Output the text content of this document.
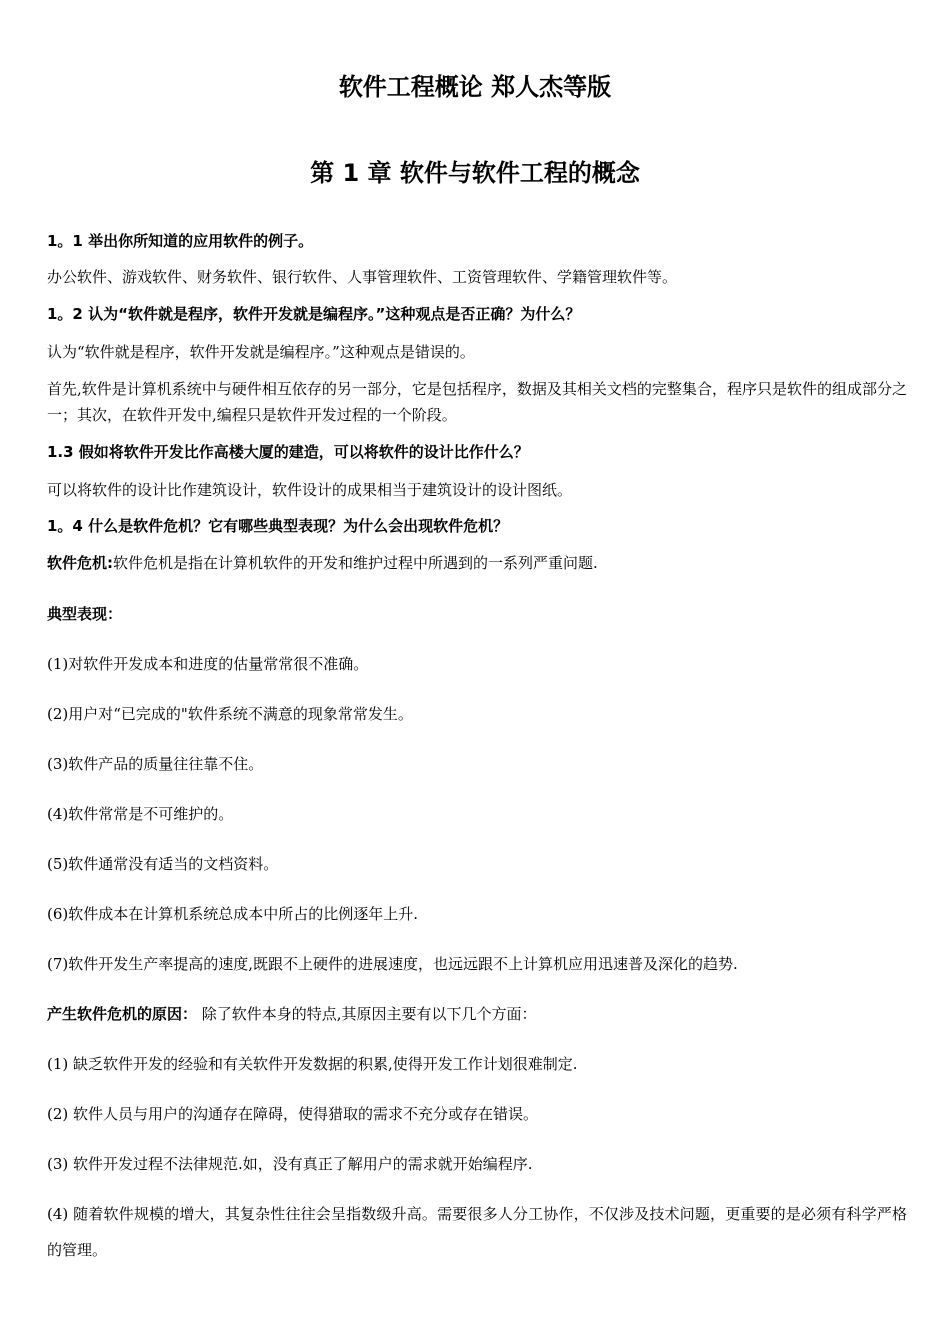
软件工程概论 郑人杰等版
第 1 章 软件与软件工程的概念
1。1 举出你所知道的应用软件的例子。
办公软件、游戏软件、财务软件、银行软件、人事管理软件、工资管理软件、学籍管理软件等。
1。2 认为“软件就是程序，软件开发就是编程序。”这种观点是否正确？为什么？
认为“软件就是程序，软件开发就是编程序。”这种观点是错误的。
首先,软件是计算机系统中与硬件相互依存的另一部分，它是包括程序，数据及其相关文档的完整集合，程序只是软件的组成部分之一；其次，在软件开发中,编程只是软件开发过程的一个阶段。
1.3 假如将软件开发比作高楼大厦的建造，可以将软件的设计比作什么？
可以将软件的设计比作建筑设计，软件设计的成果相当于建筑设计的设计图纸。
1。4 什么是软件危机？它有哪些典型表现？为什么会出现软件危机？
软件危机:软件危机是指在计算机软件的开发和维护过程中所遇到的一系列严重问题.
典型表现：
(1)对软件开发成本和进度的估量常常很不准确。
(2)用户对“已完成的"软件系统不满意的现象常常发生。
(3)软件产品的质量往往靠不住。
(4)软件常常是不可维护的。
(5)软件通常没有适当的文档资料。
(6)软件成本在计算机系统总成本中所占的比例逐年上升.
(7)软件开发生产率提高的速度,既跟不上硬件的进展速度，也远远跟不上计算机应用迅速普及深化的趋势.
产生软件危机的原因： 除了软件本身的特点,其原因主要有以下几个方面：
(1) 缺乏软件开发的经验和有关软件开发数据的积累,使得开发工作计划很难制定.
(2) 软件人员与用户的沟通存在障碍，使得猎取的需求不充分或存在错误。
(3) 软件开发过程不法律规范.如，没有真正了解用户的需求就开始编程序.
(4) 随着软件规模的增大，其复杂性往往会呈指数级升高。需要很多人分工协作，不仅涉及技术问题，更重要的是必须有科学严格的管理。
